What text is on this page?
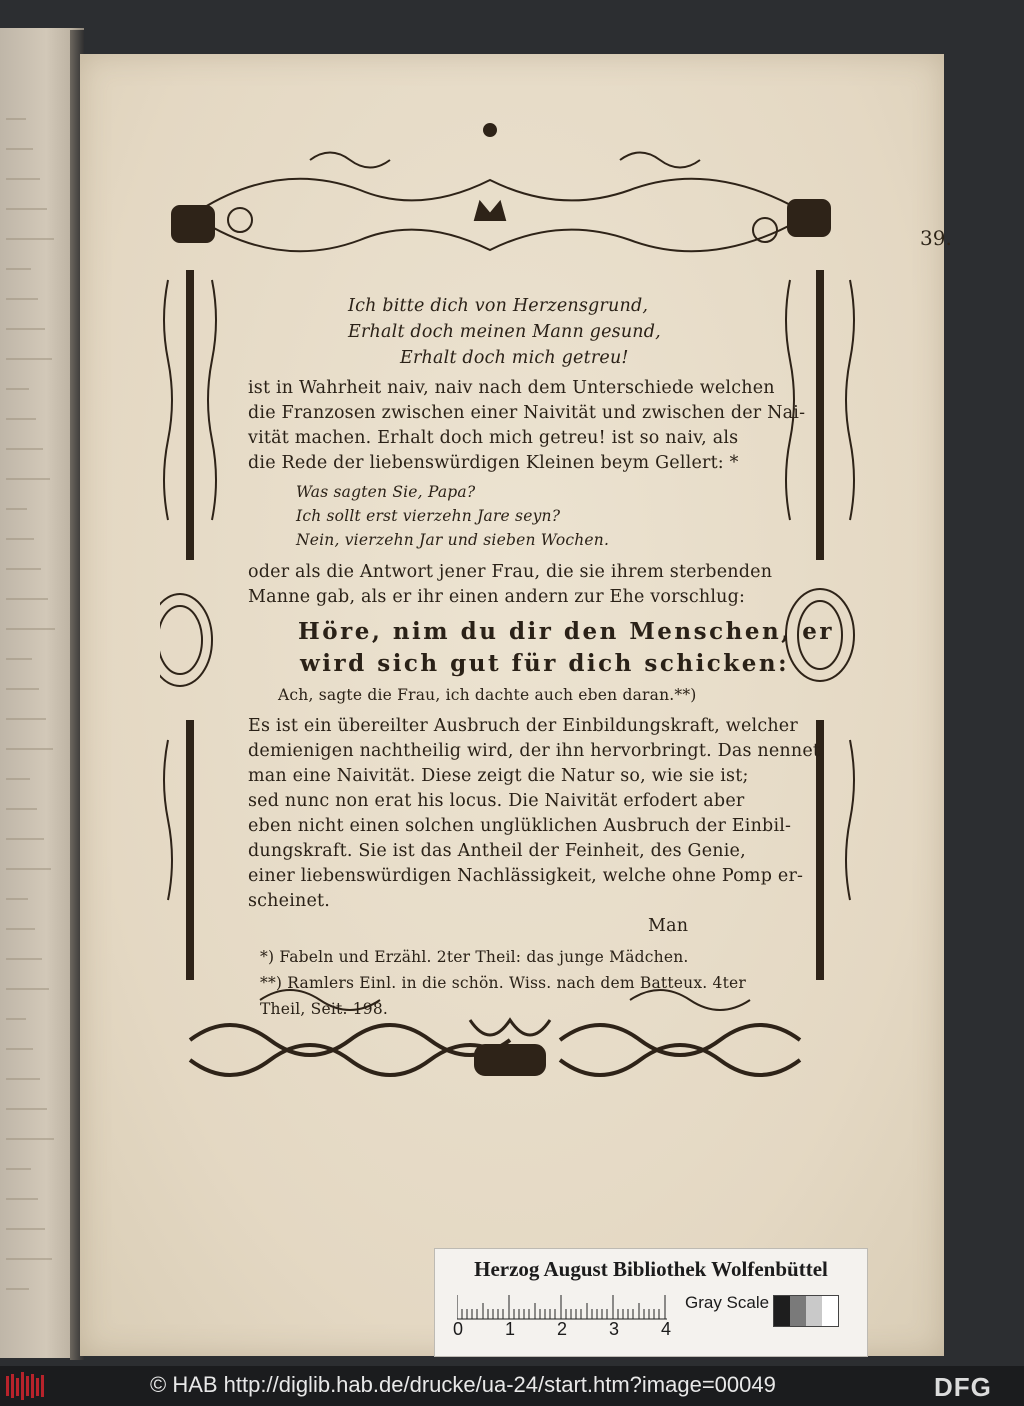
39.
Ich bitte dich von Herzensgrund,
Erhalt doch meinen Mann gesund,
Erhalt doch mich getreu!
ist in Wahrheit naiv, naiv nach dem Unterschiede welchen
die Franzosen zwischen einer Naivität und zwischen der Nai-
vität machen. Erhalt doch mich getreu! ist so naiv, als
die Rede der liebenswürdigen Kleinen beym Gellert: *
Was sagten Sie, Papa?
Ich sollt erst vierzehn Jare seyn?
Nein, vierzehn Jar und sieben Wochen.
oder als die Antwort jener Frau, die sie ihrem sterbenden
Manne gab, als er ihr einen andern zur Ehe vorschlug:
Höre, nim du dir den Menschen, er
wird sich gut für dich schicken:
Ach, sagte die Frau, ich dachte auch eben daran.**)
Es ist ein übereilter Ausbruch der Einbildungskraft, welcher
demienigen nachtheilig wird, der ihn hervorbringt. Das nennet
man eine Naivität. Diese zeigt die Natur so, wie sie ist;
sed nunc non erat his locus. Die Naivität erfodert aber
eben nicht einen solchen unglüklichen Ausbruch der Einbil-
dungskraft. Sie ist das Antheil der Feinheit, des Genie,
einer liebenswürdigen Nachlässigkeit, welche ohne Pomp er-
scheinet.
Man
*) Fabeln und Erzähl. 2ter Theil: das junge Mädchen.
**) Ramlers Einl. in die schön. Wiss. nach dem Batteux. 4ter
Theil, Seit. 198.
Herzog August Bibliothek Wolfenbüttel
0 1 2 3 4
Gray Scale
© HAB http://diglib.hab.de/drucke/ua-24/start.htm?image=00049	DFG
